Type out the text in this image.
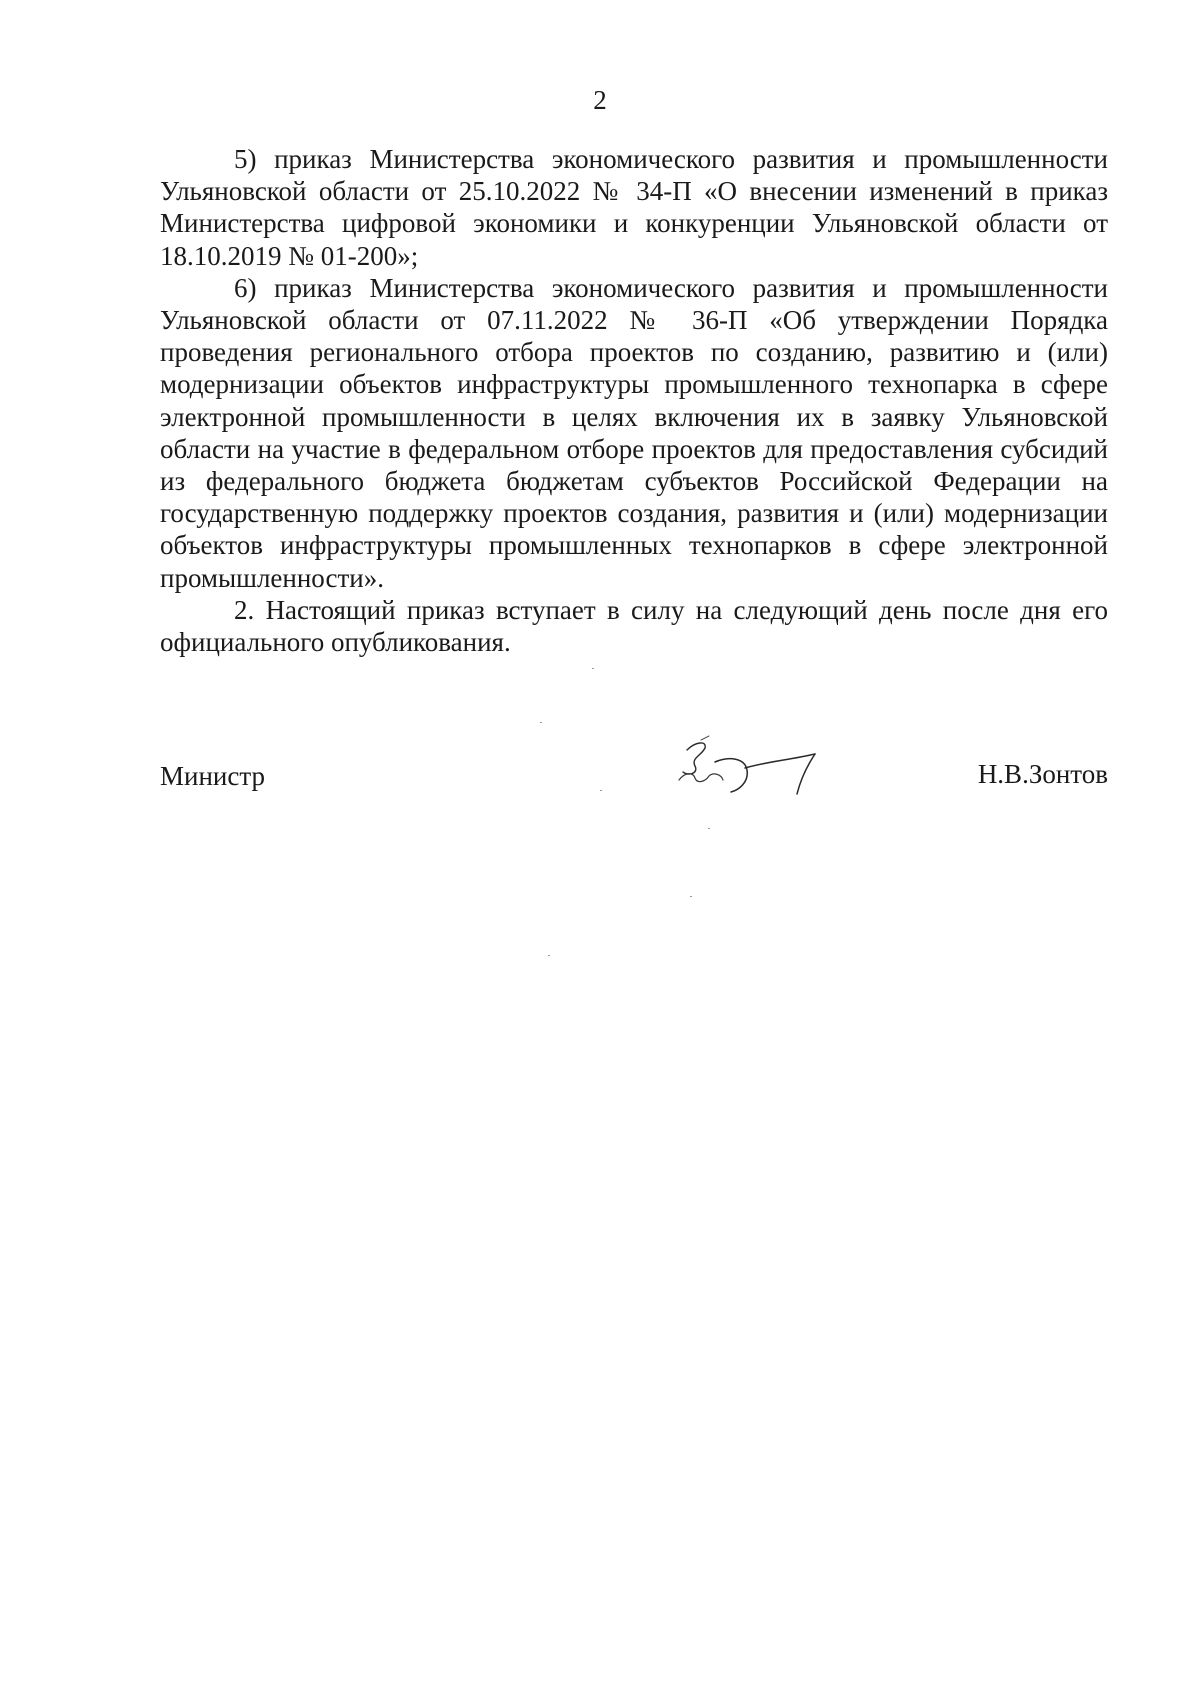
2

5) приказ Министерства экономического развития и промышленности Ульяновской области от 25.10.2022 № 34-П «О внесении изменений в приказ Министерства цифровой экономики и конкуренции Ульяновской области от 18.10.2019 № 01-200»;

6) приказ Министерства экономического развития и промышленности Ульяновской области от 07.11.2022 № 36-П «Об утверждении Порядка проведения регионального отбора проектов по созданию, развитию и (или) модернизации объектов инфраструктуры промышленного технопарка в сфере электронной промышленности в целях включения их в заявку Ульяновской области на участие в федеральном отборе проектов для предоставления субсидий из федерального бюджета бюджетам субъектов Российской Федерации на государственную поддержку проектов создания, развития и (или) модернизации объектов инфраструктуры промышленных технопарков в сфере электронной промышленности».

2. Настоящий приказ вступает в силу на следующий день после дня его официального опубликования.

Министр	Н.В.Зонтов
